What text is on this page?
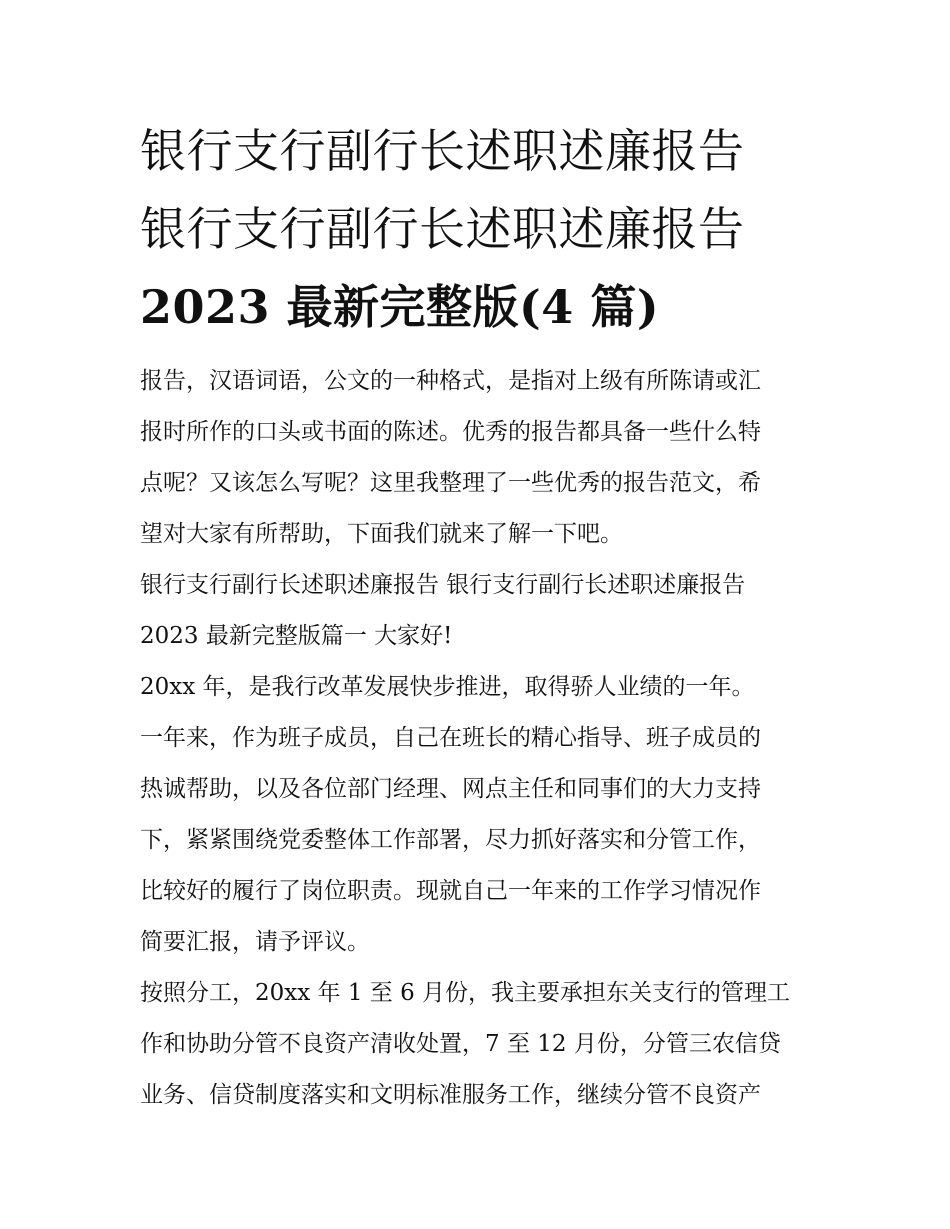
银行支行副行长述职述廉报告
银行支行副行长述职述廉报告
2023 最新完整版(4 篇)

报告，汉语词语，公文的一种格式，是指对上级有所陈请或汇

报时所作的口头或书面的陈述。优秀的报告都具备一些什么特

点呢？又该怎么写呢？这里我整理了一些优秀的报告范文，希

望对大家有所帮助，下面我们就来了解一下吧。

银行支行副行长述职述廉报告 银行支行副行长述职述廉报告

2023 最新完整版篇一 大家好!

20xx 年，是我行改革发展快步推进，取得骄人业绩的一年。

一年来，作为班子成员，自己在班长的精心指导、班子成员的

热诚帮助，以及各位部门经理、网点主任和同事们的大力支持

下，紧紧围绕党委整体工作部署，尽力抓好落实和分管工作，

比较好的履行了岗位职责。现就自己一年来的工作学习情况作

简要汇报，请予评议。

按照分工，20xx 年 1 至 6 月份，我主要承担东关支行的管理工

作和协助分管不良资产清收处置，7 至 12 月份，分管三农信贷

业务、信贷制度落实和文明标准服务工作，继续分管不良资产
